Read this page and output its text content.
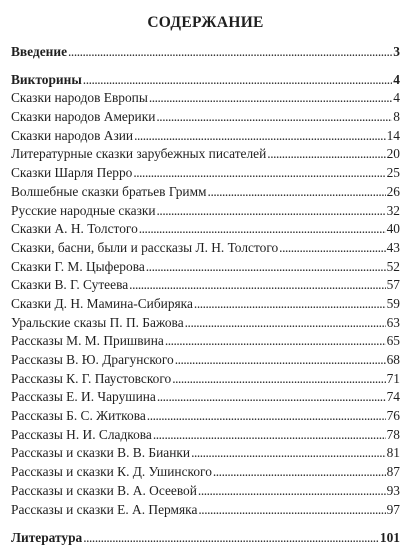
СОДЕРЖАНИЕ
Введение . . .	3
Викторины . . .	4
Сказки народов Европы . . .	4
Сказки народов Америки . . .	8
Сказки народов Азии . . .	14
Литературные сказки зарубежных писателей . . .	20
Сказки Шарля Перро . . .	25
Волшебные сказки братьев Гримм . . .	26
Русские народные сказки . . .	32
Сказки А. Н. Толстого . . .	40
Сказки, басни, были и рассказы Л. Н. Толстого . . .	43
Сказки Г. М. Цыферова . . .	52
Сказки В. Г. Сутеева . . .	57
Сказки Д. Н. Мамина-Сибиряка . . .	59
Уральские сказы П. П. Бажова . . .	63
Рассказы М. М. Пришвина . . .	65
Рассказы В. Ю. Драгунского . . .	68
Рассказы К. Г. Паустовского . . .	71
Рассказы Е. И. Чарушина . . .	74
Рассказы Б. С. Житкова . . .	76
Рассказы Н. И. Сладкова . . .	78
Рассказы и сказки В. В. Бианки . . .	81
Рассказы и сказки К. Д. Ушинского . . .	87
Рассказы и сказки В. А. Осеевой . . .	93
Рассказы и сказки Е. А. Пермяка . . .	97
Литература . . .	101
